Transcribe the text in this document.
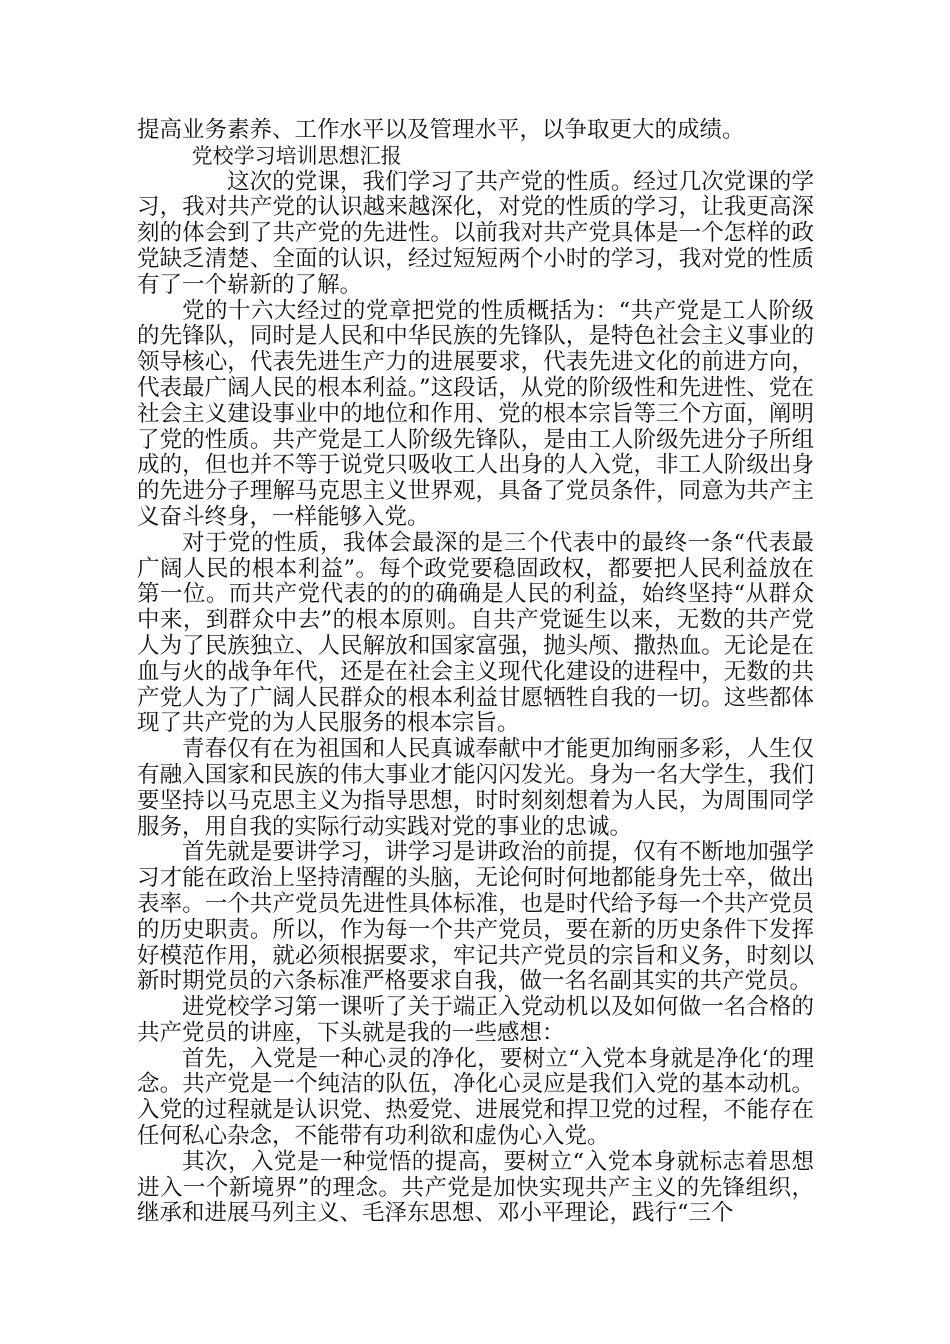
提高业务素养、工作水平以及管理水平，以争取更大的成绩。

党校学习培训思想汇报

这次的党课，我们学习了共产党的性质。经过几次党课的学习，我对共产党的认识越来越深化，对党的性质的学习，让我更高深刻的体会到了共产党的先进性。以前我对共产党具体是一个怎样的政党缺乏清楚、全面的认识，经过短短两个小时的学习，我对党的性质有了一个崭新的了解。

党的十六大经过的党章把党的性质概括为：“共产党是工人阶级的先锋队，同时是人民和中华民族的先锋队，是特色社会主义事业的领导核心，代表先进生产力的进展要求，代表先进文化的前进方向，代表最广阔人民的根本利益。”这段话，从党的阶级性和先进性、党在社会主义建设事业中的地位和作用、党的根本宗旨等三个方面，阐明了党的性质。共产党是工人阶级先锋队，是由工人阶级先进分子所组成的，但也并不等于说党只吸收工人出身的人入党，非工人阶级出身的先进分子理解马克思主义世界观，具备了党员条件，同意为共产主义奋斗终身，一样能够入党。

对于党的性质，我体会最深的是三个代表中的最终一条“代表最广阔人民的根本利益”。每个政党要稳固政权，都要把人民利益放在第一位。而共产党代表的的的确确是人民的利益，始终坚持“从群众中来，到群众中去”的根本原则。自共产党诞生以来，无数的共产党人为了民族独立、人民解放和国家富强，抛头颅、撒热血。无论是在血与火的战争年代，还是在社会主义现代化建设的进程中，无数的共产党人为了广阔人民群众的根本利益甘愿牺牲自我的一切。这些都体现了共产党的为人民服务的根本宗旨。

青春仅有在为祖国和人民真诚奉献中才能更加绚丽多彩，人生仅有融入国家和民族的伟大事业才能闪闪发光。身为一名大学生，我们要坚持以马克思主义为指导思想，时时刻刻想着为人民，为周围同学服务，用自我的实际行动实践对党的事业的忠诚。

首先就是要讲学习，讲学习是讲政治的前提，仅有不断地加强学习才能在政治上坚持清醒的头脑，无论何时何地都能身先士卒，做出表率。一个共产党员先进性具体标准，也是时代给予每一个共产党员的历史职责。所以，作为每一个共产党员，要在新的历史条件下发挥好模范作用，就必须根据要求，牢记共产党员的宗旨和义务，时刻以新时期党员的六条标准严格要求自我，做一名名副其实的共产党员。

进党校学习第一课听了关于端正入党动机以及如何做一名合格的共产党员的讲座，下头就是我的一些感想：

首先，入党是一种心灵的净化，要树立“入党本身就是净化‘的理念。共产党是一个纯洁的队伍，净化心灵应是我们入党的基本动机。入党的过程就是认识党、热爱党、进展党和捍卫党的过程，不能存在任何私心杂念，不能带有功利欲和虚伪心入党。

其次，入党是一种觉悟的提高，要树立“入党本身就标志着思想进入一个新境界”的理念。共产党是加快实现共产主义的先锋组织，继承和进展马列主义、毛泽东思想、邓小平理论，践行“三个
